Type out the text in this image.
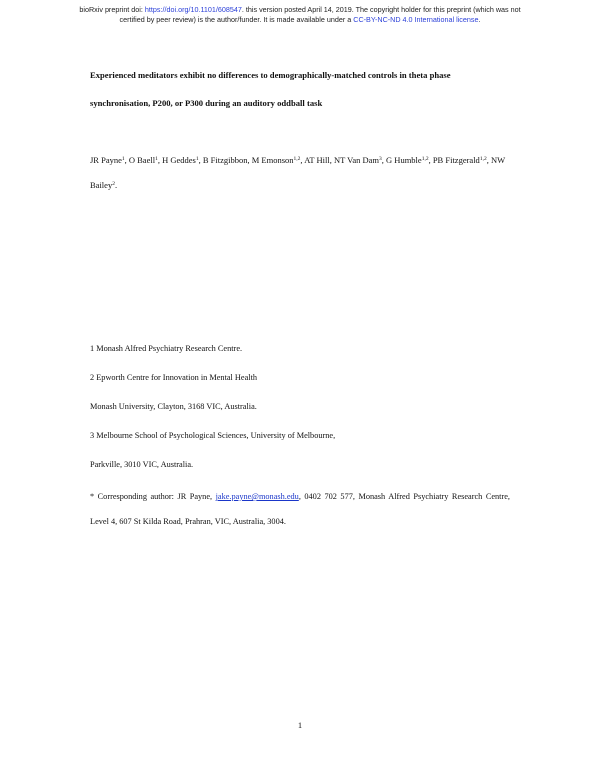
bioRxiv preprint doi: https://doi.org/10.1101/608547. this version posted April 14, 2019. The copyright holder for this preprint (which was not
certified by peer review) is the author/funder. It is made available under a CC-BY-NC-ND 4.0 International license.
Experienced meditators exhibit no differences to demographically-matched controls in theta phase
synchronisation, P200, or P300 during an auditory oddball task
JR Payne$^1$, O Baell$^1$, H Geddes$^1$, B Fitzgibbon, M Emonson$^{1,2}$, AT Hill, NT Van Dam$^3$, G Humble$^{1,2}$, PB Fitzgerald$^{1,2}$, NW Bailey$^2$.
1 Monash Alfred Psychiatry Research Centre.
2 Epworth Centre for Innovation in Mental Health
Monash University, Clayton, 3168 VIC, Australia.
3 Melbourne School of Psychological Sciences, University of Melbourne,
Parkville, 3010 VIC, Australia.
* Corresponding author: JR Payne, jake.payne@monash.edu, 0402 702 577, Monash Alfred Psychiatry Research Centre, Level 4, 607 St Kilda Road, Prahran, VIC, Australia, 3004.
1
